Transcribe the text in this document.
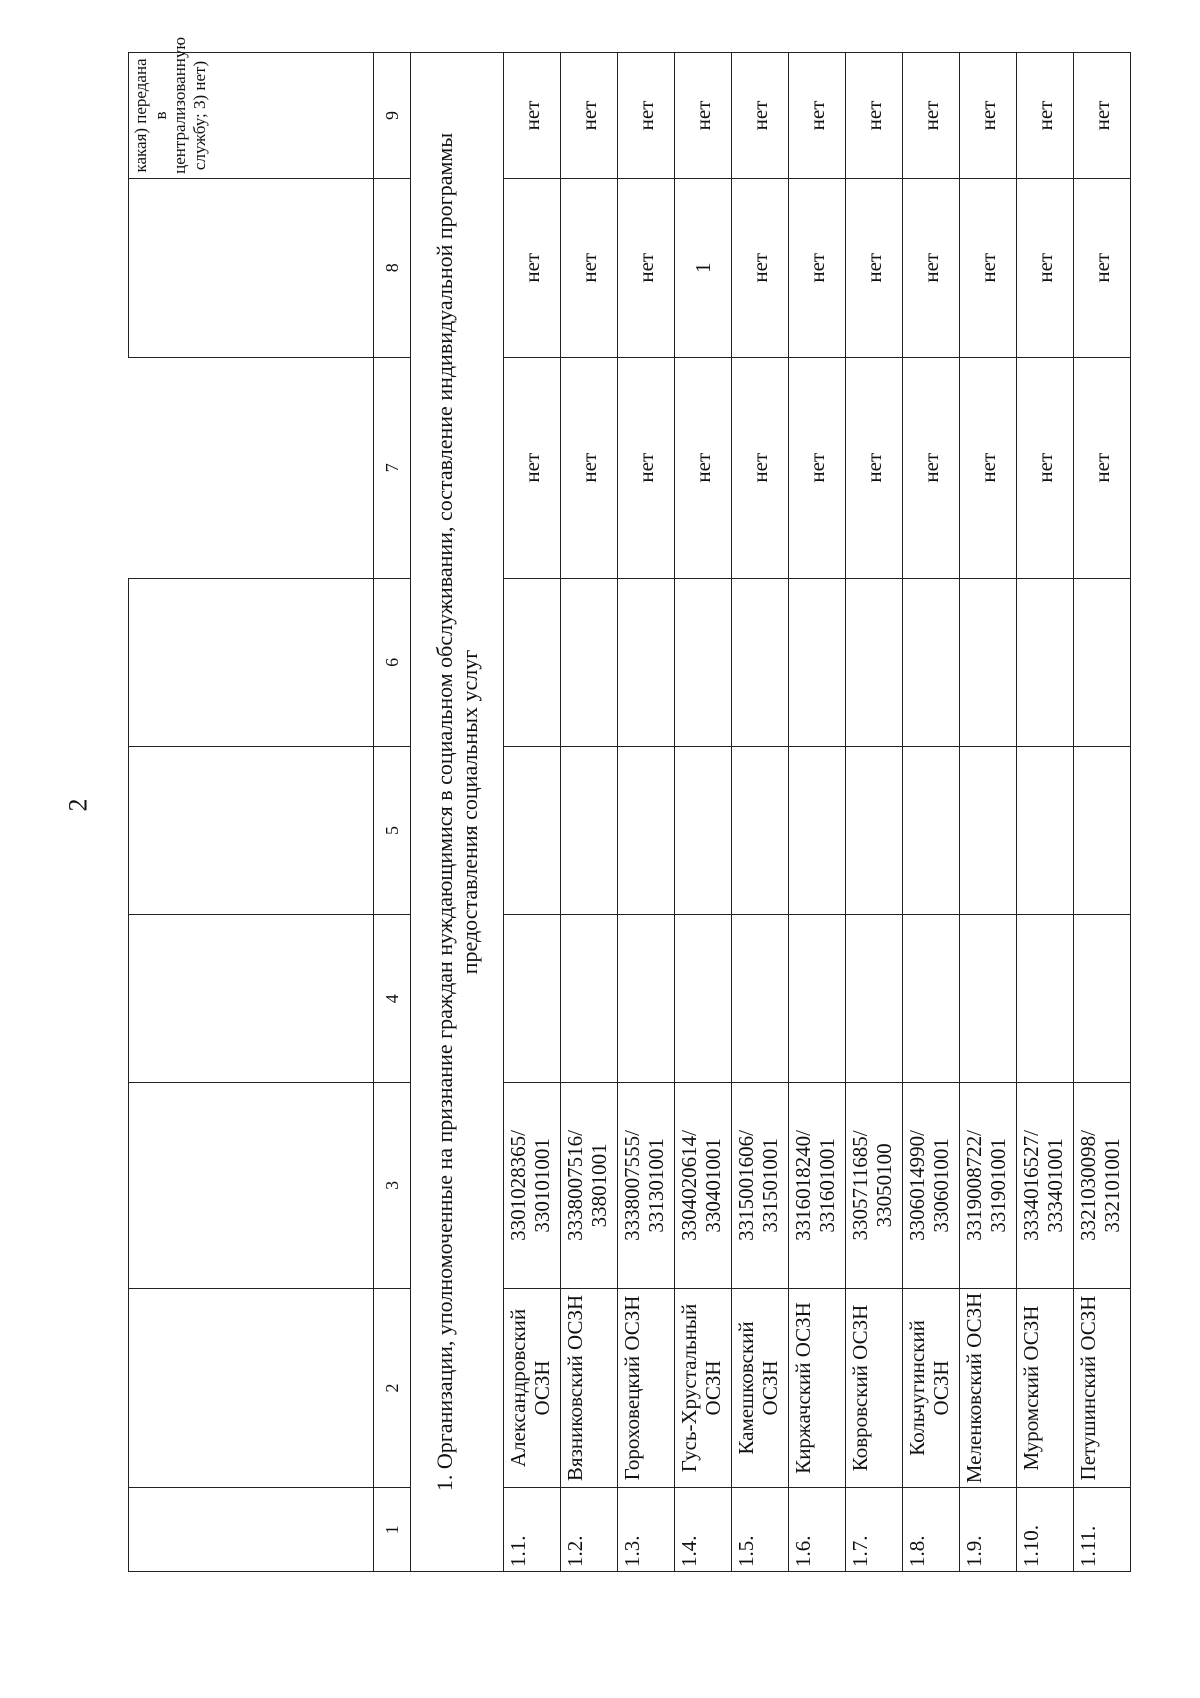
2
								какая) передана в централизованную службу; 3) нет)
1	2	3	4	5	6	7	8	9
1. Организации, уполномоченные на признание граждан нуждающимися в социальном обслуживании, составление индивидуальной программы предоставления социальных услуг								
1.1.	Александровский ОСЗН	3301028365/ 330101001				нет	нет	нет
1.2.	Вязниковский ОСЗН	3338007516/ 33801001				нет	нет	нет
1.3.	Гороховецкий ОСЗН	3338007555/ 331301001				нет	нет	нет
1.4.	Гусь-Хрустальный ОСЗН	3304020614/ 330401001				нет	1	нет
1.5.	Камешковский ОСЗН	3315001606/ 331501001				нет	нет	нет
1.6.	Киржачский ОСЗН	3316018240/ 331601001				нет	нет	нет
1.7.	Ковровский ОСЗН	3305711685/ 33050100				нет	нет	нет
1.8.	Кольчугинский ОСЗН	3306014990/ 330601001				нет	нет	нет
1.9.	Меленковский ОСЗН	3319008722/ 331901001				нет	нет	нет
1.10.	Муромский ОСЗН	3334016527/ 333401001				нет	нет	нет
1.11.	Петушинский ОСЗН	3321030098/ 332101001				нет	нет	нет
